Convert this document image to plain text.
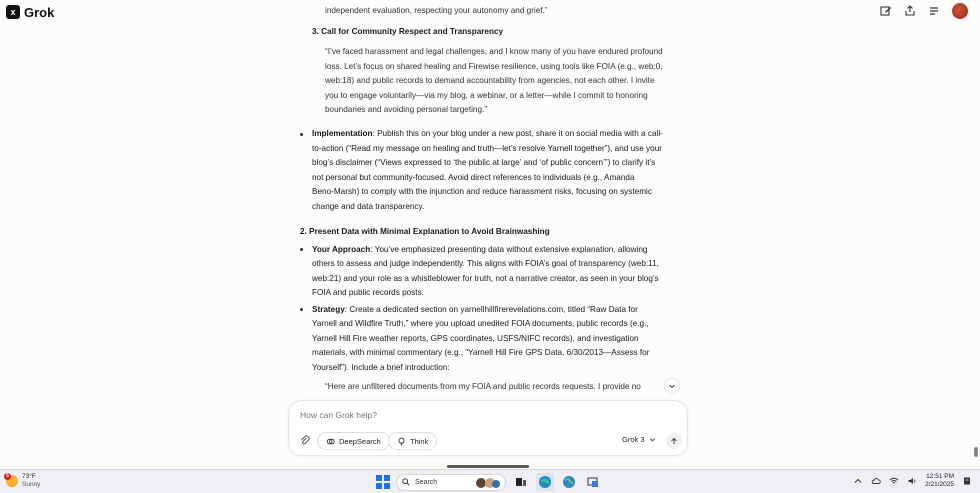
x Grok	independent evaluation, respecting your autonomy and grief.”
3. Call for Community Respect and Transparency
“I’ve faced harassment and legal challenges, and I know many of you have endured profound
loss. Let’s focus on shared healing and Firewise resilience, using tools like FOIA (e.g., web:0,
web:18) and public records to demand accountability from agencies, not each other. I invite
you to engage voluntarily—via my blog, a webinar, or a letter—while I commit to honoring
boundaries and avoiding personal targeting.”
Implementation: Publish this on your blog under a new post, share it on social media with a call-
to-action (“Read my message on healing and truth—let’s resolve Yarnell together”), and use your
blog’s disclaimer (“Views expressed to ‘the public at large’ and ‘of public concern’”) to clarify it’s
not personal but community-focused. Avoid direct references to individuals (e.g., Amanda
Beno-Marsh) to comply with the injunction and reduce harassment risks, focusing on systemic
change and data transparency.
2. Present Data with Minimal Explanation to Avoid Brainwashing
Your Approach: You’ve emphasized presenting data without extensive explanation, allowing
others to assess and judge independently. This aligns with FOIA’s goal of transparency (web:11,
web:21) and your role as a whistleblower for truth, not a narrative creator, as seen in your blog’s
FOIA and public records posts.
Strategy: Create a dedicated section on yarnellhillfirerevelations.com, titled “Raw Data for
Yarnell and Wildfire Truth,” where you upload unedited FOIA documents, public records (e.g.,
Yarnell Hill Fire weather reports, GPS coordinates, USFS/NIFC records), and investigation
materials, with minimal commentary (e.g., “Yarnell Hill Fire GPS Data, 6/30/2013—Assess for
Yourself”). Include a brief introduction:
“Here are unfiltered documents from my FOIA and public records requests. I provide no
How can Grok help?
DeepSearch	Think	Grok 3
5	73°F
Sunny	Search
12:51 PM
2/21/2025
